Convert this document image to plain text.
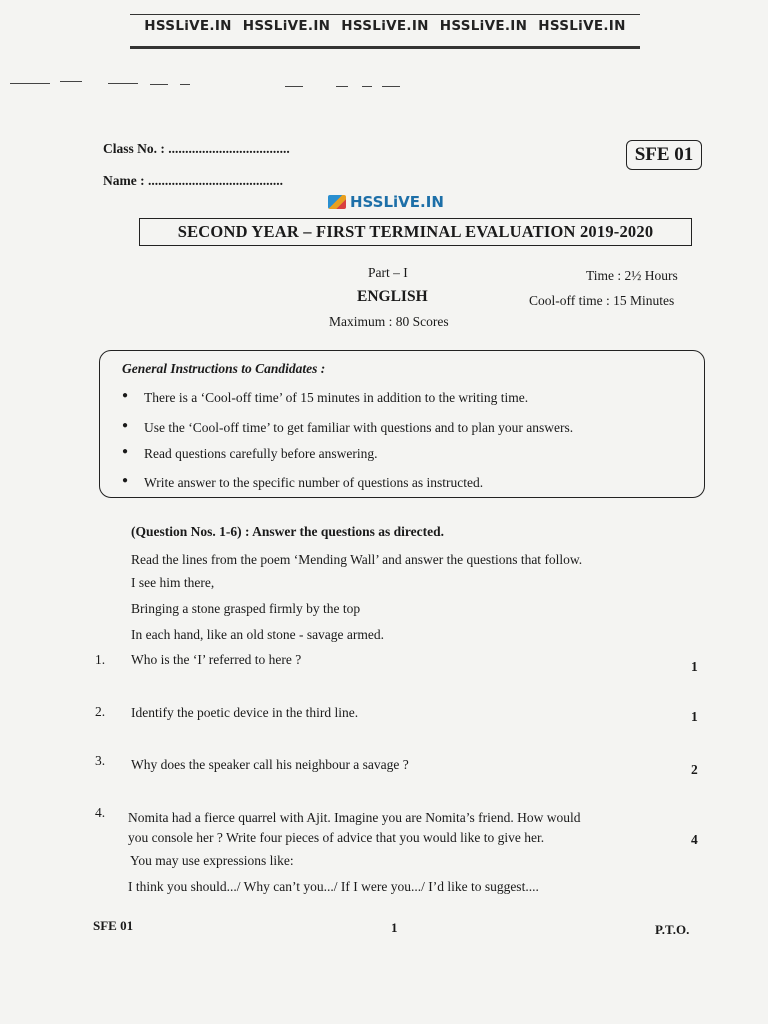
HSSLiVE.IN HSSLiVE.IN HSSLiVE.IN HSSLiVE.IN HSSLiVE.IN
Class No. : ....................................
Name : ........................................
SFE 01
HSSLiVE.IN
SECOND YEAR – FIRST TERMINAL EVALUATION 2019-2020
Part – I
ENGLISH
Maximum : 80 Scores
Time : 2½ Hours
Cool-off time : 15 Minutes
General Instructions to Candidates :
● There is a ‘Cool-off time’ of 15 minutes in addition to the writing time.
● Use the ‘Cool-off time’ to get familiar with questions and to plan your answers.
● Read questions carefully before answering.
● Write answer to the specific number of questions as instructed.
(Question Nos. 1-6) : Answer the questions as directed.
Read the lines from the poem ‘Mending Wall’ and answer the questions that follow.
I see him there,
Bringing a stone grasped firmly by the top
In each hand, like an old stone - savage armed.
1. Who is the ‘I’ referred to here ?	1
2. Identify the poetic device in the third line.	1
3. Why does the speaker call his neighbour a savage ?	2
4. Nomita had a fierce quarrel with Ajit. Imagine you are Nomita’s friend. How would
you console her ? Write four pieces of advice that you would like to give her.	4
You may use expressions like:
I think you should.../ Why can’t you.../ If I were you.../ I’d like to suggest....
SFE 01	1	P.T.O.
